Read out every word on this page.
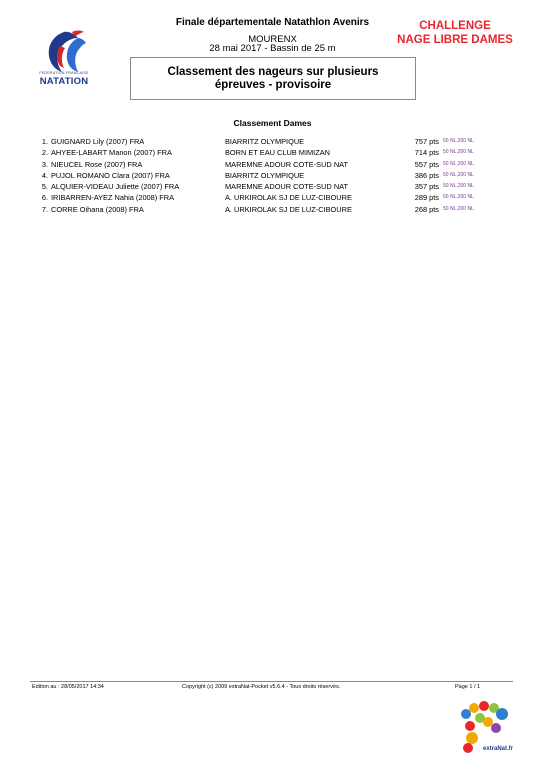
FEDERATION FRANCAISE
NATATION
Finale départementale Natathlon Avenirs
MOURENX
28 mai 2017 - Bassin de 25 m
CHALLENGE
NAGE LIBRE DAMES
Classement des nageurs sur plusieurs
épreuves - provisoire
Classement Dames
1. GUIGNARD Lily (2007) FRA	BIARRITZ OLYMPIQUE	757 pts 50 NL,200 NL
2. AHYEE-LABART Manon (2007) FRA	BORN ET EAU CLUB MIMIZAN	714 pts 50 NL,200 NL
3. NIEUCEL Rose (2007) FRA	MAREMNE ADOUR COTE-SUD NAT	557 pts 50 NL,200 NL
4. PUJOL ROMANO Clara (2007) FRA	BIARRITZ OLYMPIQUE	386 pts 50 NL,200 NL
5. ALQUIER-VIDEAU Juliette (2007) FRA	MAREMNE ADOUR COTE-SUD NAT	357 pts 50 NL,200 NL
6. IRIBARREN-AYEZ Nahia (2008) FRA	A. URKIROLAK SJ DE LUZ-CIBOURE	289 pts 50 NL,200 NL
7. CORRE Oihana (2008) FRA	A. URKIROLAK SJ DE LUZ-CIBOURE	268 pts 50 NL,200 NL
Edition au : 28/05/2017 14:34	Copyright (c) 2009 extraNat-Pocket v5.6.4 - Tous droits réservés.	Page 1 / 1
extraNat.fr
